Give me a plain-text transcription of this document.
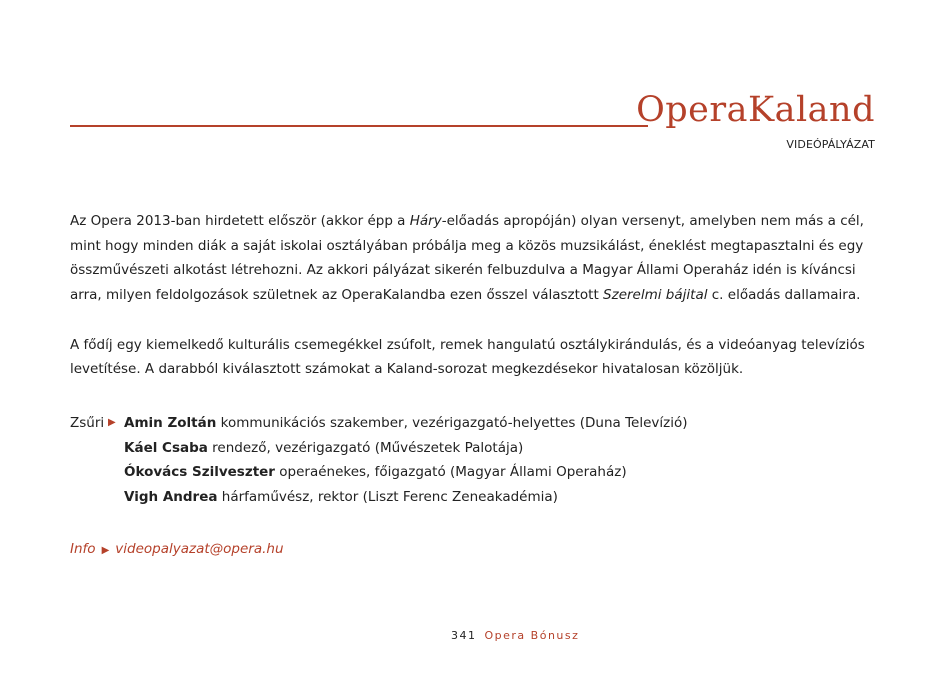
OperaKaland
VIDEÓPÁLYÁZAT

Az Opera 2013-ban hirdetett először (akkor épp a Háry-előadás apropóján) olyan versenyt, amelyben nem más a cél, mint hogy minden diák a saját iskolai osztályában próbálja meg a közös muzsikálást, éneklést megtapasztalni és egy összművészeti alkotást létrehozni. Az akkori pályázat sikerén felbuzdulva a Magyar Állami Operaház idén is kíváncsi arra, milyen feldolgozások születnek az OperaKalandba ezen ősszel választott Szerelmi bájital c. előadás dallamaira.

A fődíj egy kiemelkedő kulturális csemegékkel zsúfolt, remek hangulatú osztálykirándulás, és a videóanyag televíziós levetítése. A darabból kiválasztott számokat a Kaland-sorozat megkezdésekor hivatalosan közöljük.

Zsűri ▶ Amin Zoltán kommunikációs szakember, vezérigazgató-helyettes (Duna Televízió)
Káel Csaba rendező, vezérigazgató (Művészetek Palotája)
Ókovács Szilveszter operaénekes, főigazgató (Magyar Állami Operaház)
Vigh Andrea hárfaművész, rektor (Liszt Ferenc Zeneakadémia)
Info ▶ videopalyazat@opera.hu
341 Opera Bónusz
